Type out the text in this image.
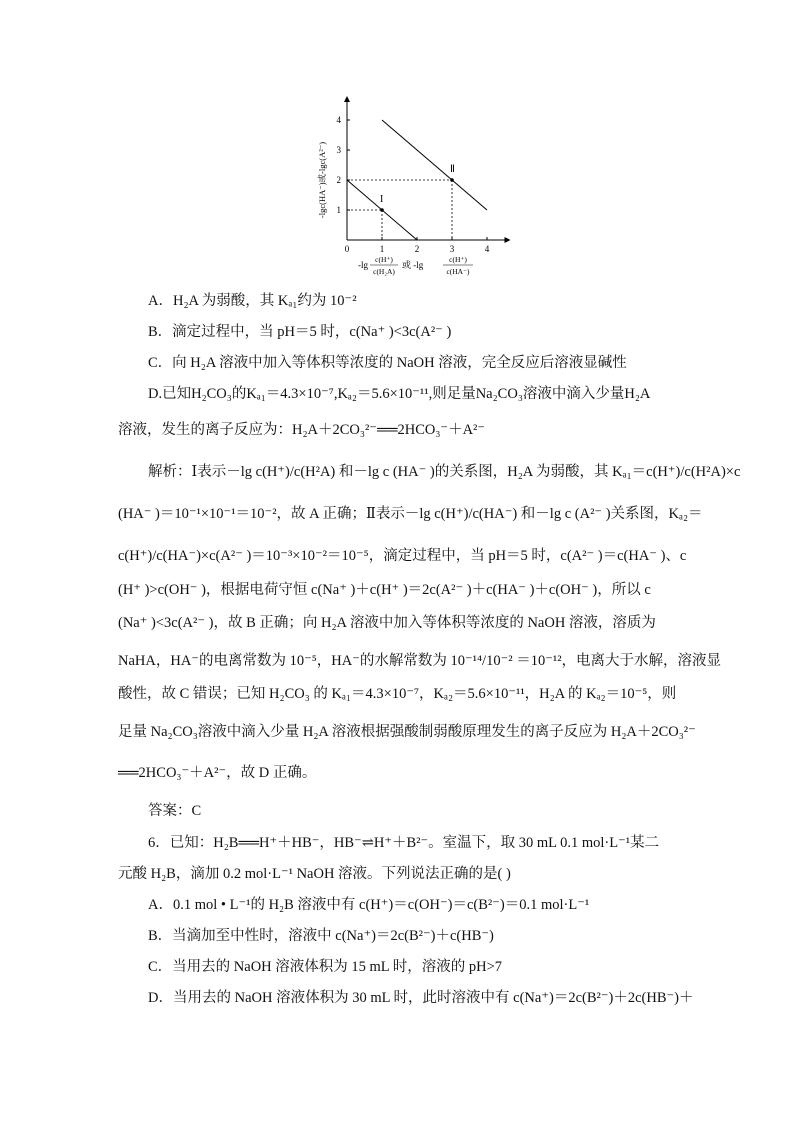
0	1	2	3	4
1
2
3
4
I
Ⅱ
-lgc(HA⁻)或-lgc(A²⁻)
-lg
c(H⁺)
c(H₂A)
或 -lg
c(H⁺)
c(HA⁻)
A．H₂A 为弱酸，其 Kₐ₁约为 10⁻²
B．滴定过程中，当 pH＝5 时，c(Na⁺ )<3c(A²⁻ )
C．向 H₂A 溶液中加入等体积等浓度的 NaOH 溶液，完全反应后溶液显碱性
D.已知H₂CO₃的Kₐ₁＝4.3×10⁻⁷,Kₐ₂＝5.6×10⁻¹¹,则足量Na₂CO₃溶液中滴入少量H₂A
溶液，发生的离子反应为：H₂A＋2CO₃²⁻══2HCO₃⁻＋A²⁻
解析：Ⅰ表示－lg c(H⁺)/c(H²A) 和－lg c (HA⁻ )的关系图，H₂A 为弱酸，其 Kₐ₁＝c(H⁺)/c(H²A)×c
(HA⁻ )＝10⁻¹×10⁻¹＝10⁻²，故 A 正确；Ⅱ表示－lg c(H⁺)/c(HA⁻) 和－lg c (A²⁻ )关系图，Kₐ₂＝
c(H⁺)/c(HA⁻)×c(A²⁻ )＝10⁻³×10⁻²＝10⁻⁵，滴定过程中，当 pH＝5 时，c(A²⁻ )＝c(HA⁻ )、c
(H⁺ )>c(OH⁻ )，根据电荷守恒 c(Na⁺ )＋c(H⁺ )＝2c(A²⁻ )＋c(HA⁻ )＋c(OH⁻ )，所以 c
(Na⁺ )<3c(A²⁻ )，故 B 正确；向 H₂A 溶液中加入等体积等浓度的 NaOH 溶液，溶质为
NaHA，HA⁻的电离常数为 10⁻⁵，HA⁻的水解常数为 10⁻¹⁴/10⁻² ＝10⁻¹²，电离大于水解，溶液显
酸性，故 C 错误；已知 H₂CO₃ 的 Kₐ₁＝4.3×10⁻⁷，Kₐ₂＝5.6×10⁻¹¹，H₂A 的 Kₐ₂＝10⁻⁵，则
足量 Na₂CO₃溶液中滴入少量 H₂A 溶液根据强酸制弱酸原理发生的离子反应为 H₂A＋2CO₃²⁻
══2HCO₃⁻＋A²⁻，故 D 正确。
答案：C
6．已知：H₂B══H⁺＋HB⁻，HB⁻⇌H⁺＋B²⁻。室温下，取 30 mL 0.1 mol·L⁻¹某二
元酸 H₂B，滴加 0.2 mol·L⁻¹ NaOH 溶液。下列说法正确的是( )
A．0.1 mol • L⁻¹的 H₂B 溶液中有 c(H⁺)＝c(OH⁻)＝c(B²⁻)＝0.1 mol·L⁻¹
B．当滴加至中性时，溶液中 c(Na⁺)＝2c(B²⁻)＋c(HB⁻)
C．当用去的 NaOH 溶液体积为 15 mL 时，溶液的 pH>7
D．当用去的 NaOH 溶液体积为 30 mL 时，此时溶液中有 c(Na⁺)＝2c(B²⁻)＋2c(HB⁻)＋
